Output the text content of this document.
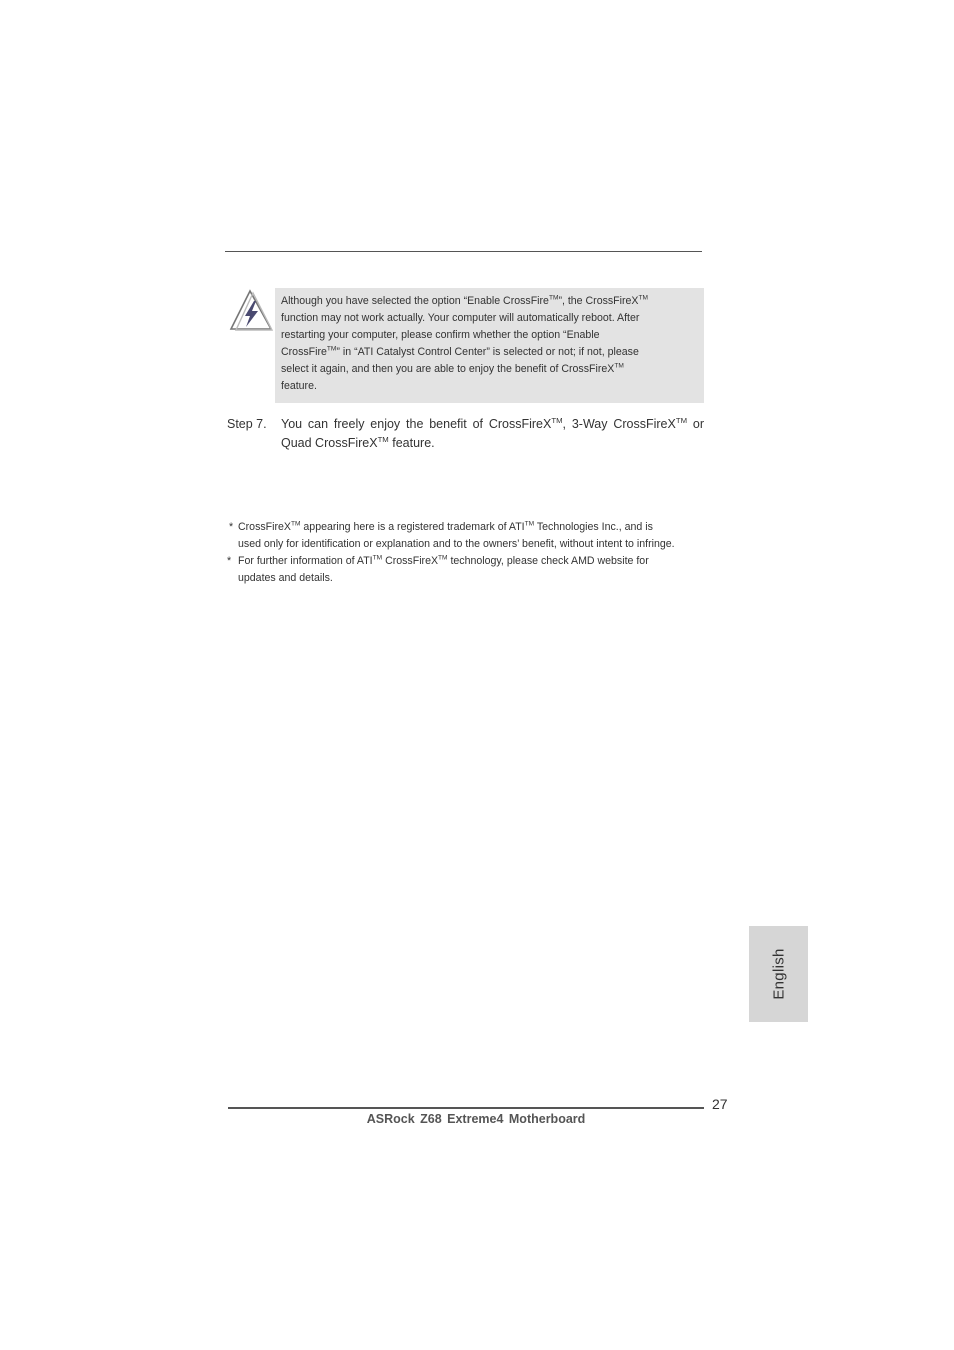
Although you have selected the option “Enable CrossFire™”, the CrossFireX™
function may not work actually. Your computer will automatically reboot. After
restarting your computer, please confirm whether the option “Enable
CrossFire™” in “ATI Catalyst Control Center” is selected or not; if not, please
select it again, and then you are able to enjoy the benefit of CrossFireX™
feature.
Step 7. You can freely enjoy the benefit of CrossFireX™, 3-Way CrossFireX™ or
Quad CrossFireX™ feature.
* CrossFireX™ appearing here is a registered trademark of ATI™ Technologies Inc., and is
used only for identification or explanation and to the owners’ benefit, without intent to infringe.
* For further information of ATI™ CrossFireX™ technology, please check AMD website for
updates and details.
English
27
ASRock Z68 Extreme4 Motherboard
